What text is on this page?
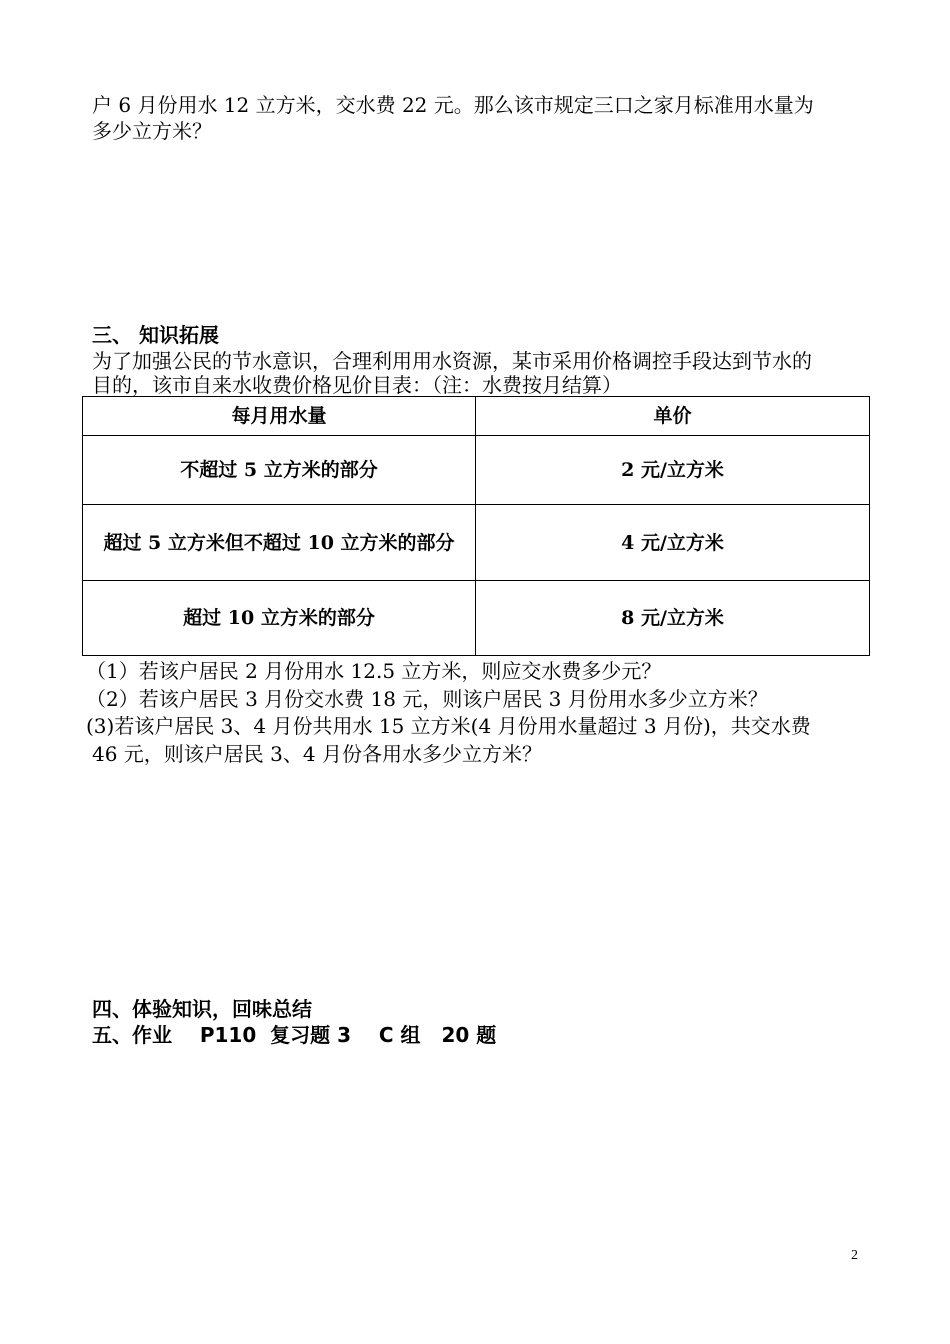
户 6 月份用水 12 立方米，交水费 22 元。那么该市规定三口之家月标准用水量为
多少立方米？
三、 知识拓展
为了加强公民的节水意识，合理利用用水资源，某市采用价格调控手段达到节水的
目的，该市自来水收费价格见价目表：（注：水费按月结算）
每月用水量	单价
不超过 5 立方米的部分	2 元/立方米
超过 5 立方米但不超过 10 立方米的部分	4 元/立方米
超过 10 立方米的部分	8 元/立方米
（1）若该户居民 2 月份用水 12.5 立方米，则应交水费多少元？
（2）若该户居民 3 月份交水费 18 元，则该户居民 3 月份用水多少立方米？
(3)若该户居民 3、4 月份共用水 15 立方米(4 月份用水量超过 3 月份)，共交水费
46 元，则该户居民 3、4 月份各用水多少立方米？
四、体验知识，回味总结
五、作业    P110  复习题 3    C 组   20 题
2
